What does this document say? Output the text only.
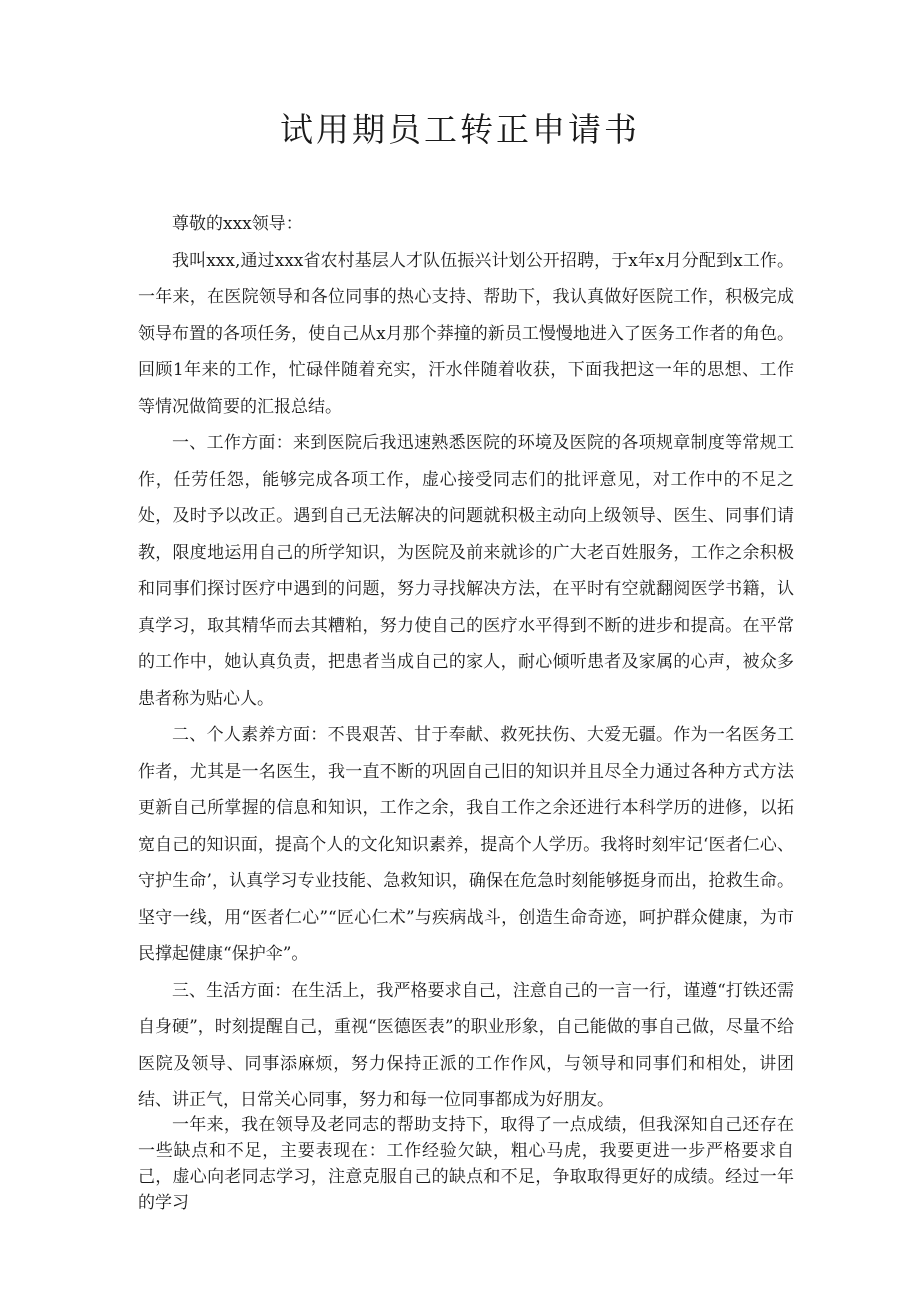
试用期员工转正申请书

尊敬的xxx领导：

我叫xxx,通过xxx省农村基层人才队伍振兴计划公开招聘，于x年x月分配到x工作。一年来，在医院领导和各位同事的热心支持、帮助下，我认真做好医院工作，积极完成领导布置的各项任务，使自己从x月那个莽撞的新员工慢慢地进入了医务工作者的角色。回顾1年来的工作，忙碌伴随着充实，汗水伴随着收获，下面我把这一年的思想、工作等情况做简要的汇报总结。

一、工作方面：来到医院后我迅速熟悉医院的环境及医院的各项规章制度等常规工作，任劳任怨，能够完成各项工作，虚心接受同志们的批评意见，对工作中的不足之处，及时予以改正。遇到自己无法解决的问题就积极主动向上级领导、医生、同事们请教，限度地运用自己的所学知识，为医院及前来就诊的广大老百姓服务，工作之余积极和同事们探讨医疗中遇到的问题，努力寻找解决方法，在平时有空就翻阅医学书籍，认真学习，取其精华而去其糟粕，努力使自己的医疗水平得到不断的进步和提高。在平常的工作中，她认真负责，把患者当成自己的家人，耐心倾听患者及家属的心声，被众多患者称为贴心人。

二、个人素养方面：不畏艰苦、甘于奉献、救死扶伤、大爱无疆。作为一名医务工作者，尤其是一名医生，我一直不断的巩固自己旧的知识并且尽全力通过各种方式方法更新自己所掌握的信息和知识，工作之余，我自工作之余还进行本科学历的进修，以拓宽自己的知识面，提高个人的文化知识素养，提高个人学历。我将时刻牢记‘医者仁心、守护生命’，认真学习专业技能、急救知识，确保在危急时刻能够挺身而出，抢救生命。坚守一线，用“医者仁心”“匠心仁术”与疾病战斗，创造生命奇迹，呵护群众健康，为市民撑起健康“保护伞”。

三、生活方面：在生活上，我严格要求自己，注意自己的一言一行，谨遵“打铁还需自身硬”，时刻提醒自己，重视“医德医表”的职业形象，自己能做的事自己做，尽量不给医院及领导、同事添麻烦，努力保持正派的工作作风，与领导和同事们和相处，讲团结、讲正气，日常关心同事，努力和每一位同事都成为好朋友。

一年来，我在领导及老同志的帮助支持下，取得了一点成绩，但我深知自己还存在一些缺点和不足，主要表现在：工作经验欠缺，粗心马虎，我要更进一步严格要求自己，虚心向老同志学习，注意克服自己的缺点和不足，争取取得更好的成绩。经过一年的学习
